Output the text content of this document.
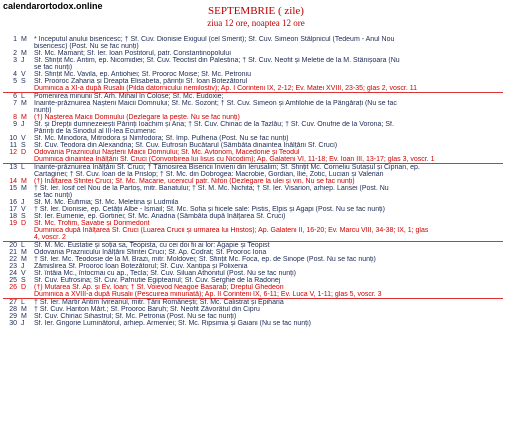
calendarortodox.online	SEPTEMBRIE ( zile)
ziua 12 ore, noaptea 12 ore
1 M	* Începutul anului bisericesc; † Sf. Cuv. Dionisie Exiguul (cel Smerit); Sf. Cuv. Simeon Stâlpnicul (Tedeum - Anul Nou
bisericesc) (Post. Nu se fac nunți)
2 M	Sf. Mc. Mamant; Sf. Ier. Ioan Postitorul, patr. Constantinopolului
3 J	Sf. Sfințit Mc. Antim, ep. Nicomidiei; Sf. Cuv. Teoctist din Palestina; † Sf. Cuv. Neofit și Meletie de la M. Stânișoara (Nu
se fac nunți)
4 V	Sf. Sfințit Mc. Vavila, ep. Antiohiei; Sf. Prooroc Moise; Sf. Mc. Petroniu
5 S	Sf. Prooroc Zaharia și Dreapta Elisabeta, părinții Sf. Ioan Botezătorul
Duminica a XI-a după Rusalii (Pilda datornicului nemilostiv); Ap. I Corinteni IX, 2-12; Ev. Matei XVIII, 23-35; glas 2, voscr. 11
6 L	Pomenirea minunii Sf. Arh. Mihail în Colose; Sf. Mc. Eudoxie;
7 M	Înainte-prăznuirea Nașterii Maicii Domnului; Sf. Mc. Sozont; † Sf. Cuv. Simeon și Amfilohie de la Pângărați (Nu se fac
nunți)
8 M	(†) Nașterea Maicii Domnului (Dezlegare la pește. Nu se fac nunți)
9 J	Sf. și Drepții dumnezeiești Părinți Ioachim și Ana; † Sf. Cuv. Chiriac de la Tazlău; † Sf. Cuv. Onufrie de la Vorona; Sf.
Părinți de la Sinodul al III-lea Ecumenic
10 V	Sf. Mc. Minodora, Mitrodora și Nimfodora; Sf. Împ. Pulheria (Post. Nu se fac nunți)
11 S	Sf. Cuv. Teodora din Alexandria; Sf. Cuv. Eufrosin Bucătarul (Sâmbăta dinaintea Înălțării Sf. Cruci)
12 D	Odovania Praznicului Nașterii Maicii Domnului; Sf. Mc. Avtonom, Macedonie și Teodul
Duminica dinaintea Înălțării Sf. Cruci (Convorbirea lui Iisus cu Nicodim); Ap. Galateni VI, 11-18; Ev. Ioan III, 13-17; glas 3, voscr. 1
13 L	Înainte-prăznuirea Înălțării Sf. Cruci; † Târnosirea Bisericii Învierii din Ierusalim; Sf. Sfințit Mc. Corneliu Sutașul și Ciprian, ep.
Cartaginei; † Sf. Cuv. Ioan de la Prislop; † Sf. Mc. din Dobrogea: Macrobie, Gordian, Ilie, Zotic, Lucian și Valerian
14 M	(†) Înălțarea Sfintei Cruci; Sf. Mc. Macarie, ucenicul patr. Nifon (Dezlegare la ulei și vin. Nu se fac nunți)
15 M	† Sf. Ier. Iosif cel Nou de la Partoș, mitr. Banatului; † Sf. M. Mc. Nichita; † Sf. Ier. Visarion, arhiep. Larisei (Post. Nu
se fac nunți)
16 J	Sf. M. Mc. Eufimia; Sf. Mc. Meletina și Ludmila
17 V	† Sf. Ier. Dionisie, ep. Cetății Albe - Ismail; Sf. Mc. Sofia și fiicele sale: Pistis, Elpis și Agapi (Post. Nu se fac nunți)
18 S	Sf. Ier. Eumenie, ep. Gortinei; Sf. Mc. Ariadna (Sâmbăta după Înălțarea Sf. Cruci)
19 D	Sf. Mc. Trofim, Savatie și Dorimedont
Duminica după Înălțarea Sf. Cruci (Luarea Crucii și urmarea lui Hristos); Ap. Galateni II, 16-20; Ev. Marcu VIII, 34-38; IX, 1; glas
4, voscr. 2
20 L	Sf. M. Mc. Eustatie și soția sa, Teopista, cu cei doi fii ai lor: Agapie și Teopist
21 M	Odovania Praznicului Înălțării Sfintei Cruci; Sf. Ap. Codrat; Sf. Prooroc Iona
22 M	† Sf. Ier. Mc. Teodosie de la M. Brazi, mitr. Moldovei; Sf. Sfințit Mc. Foca, ep. de Sinope (Post. Nu se fac nunți)
23 J	Zămislirea Sf. Prooroc Ioan Botezătorul; Sf. Cuv. Xantipa și Polixenia
24 V	Sf. întâia Mc., întocmai cu ap., Tecla; Sf. Cuv. Siluan Athonitul (Post. Nu se fac nunți)
25 S	Sf. Cuv. Eufrosina; Sf. Cuv. Pafnutie Egipteanul; Sf. Cuv. Serghie de la Radonej
26 D	(†) Mutarea Sf. Ap. și Ev. Ioan; † Sf. Voievod Neagoe Basarab; Dreptul Ghedeon
Duminica a XVIII-a după Rusalii (Pescuirea minunată); Ap. II Corinteni IX, 6-11; Ev. Luca V, 1-11; glas 5, voscr. 3
27 L	† Sf. Ier. Martir Antim Ivireanul, mitr. Țării Românești; Sf. Mc. Calistrat și Epiharia
28 M	† Sf. Cuv. Hariton Mărt.; Sf. Prooroc Baruh; Sf. Neofit Zăvorâtul din Cipru
29 M	Sf. Cuv. Chiriac Sihastrul; Sf. Mc. Petronia (Post. Nu se fac nunți)
30 J	Sf. Ier. Grigorie Luminătorul, arhiep. Armeniei; Sf. Mc. Ripsimia și Gaiani (Nu se fac nunți)
